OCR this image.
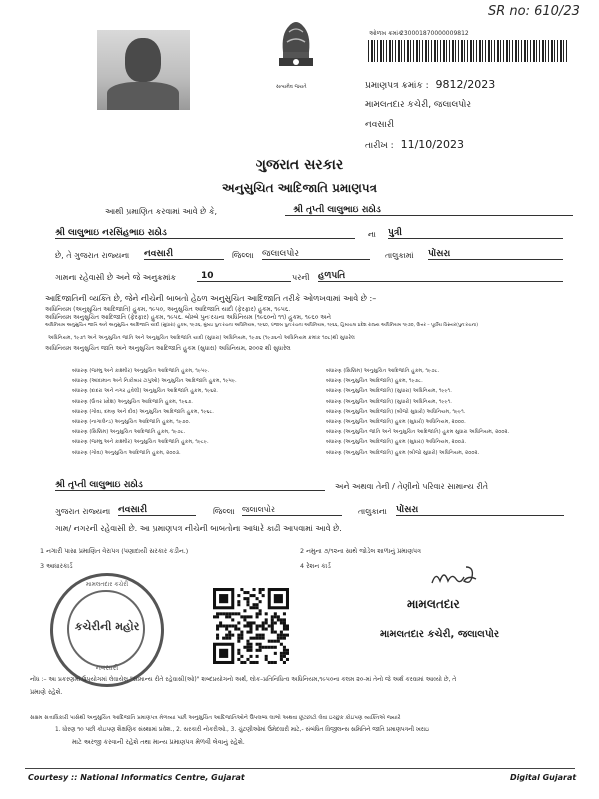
SR no: 610/23
સત્યમેવ જયતે
ઓળખ ક્રમાંક :
230001870000009812
પ્રમાણપત્ર ક્રમાંક : 9812/2023
મામલતદાર કચેરી, જલાલપોર
નવસારી
તારીખ : 11/10/2023
ગુજરાત સરકાર
અનુસુચિત આદિજાતિ પ્રમાણપત્ર
આથી પ્રમાણિત કરવામાં આવે છે કે,	શ્રી તૃપ્તી લાલુભાઇ રાઠોડ
શ્રી લાલુભાઇ નરસિંહભાઇ રાઠોડ	ના પુત્રી
છે, તે ગુજરાત રાજ્યના નવસારી	જિલ્લા જલાલપોર	તાલુકામાં પોંસરા
ગામના રહેવાસી છે અને જે અનુક્રમાંક	10	પરની હળપતિ
આદિજાતિની વ્યક્તિ છે, જેને નીચેની બાબતો હેઠળ અનુસુચિત આદિજાતિ તરીકે ઓળખવામાં આવે છે :–
અધિનિયમ (અનુસુચિત આદિજાતિ) હુકમ, ૧૯૫૦, અનુસુચિત આદિજાતિ યાદી (ફેરફાર) હુકમ, ૧૯૫૬.
અધિનિયમ અનુસુચિત આદિજાતિ (ફેરફાર) હુકમ, ૧૯૫૬. બોમ્બે પુનઃરચના અધિનિયમ (૧૯૬૦નો ૧૧) હુકમ, ૧૯૬૦ અને
અધિનિયમ અનુસુચિત જાતિ અને અનુસુચિત આદિજાતિ યાદી (સુધારા) હુકમ, ૧૯૭૬, મુંબઇ પુનઃરચના અધિનિયમ, ૧૯૬૦, પંજાબ પુનઃરચના અધિનિયમ, ૧૯૬૬, હિમાચલ પ્રદેશ રાજ્ય અધિનિયમ ૧૯૭૦, ઉત્તર – પૂર્વીય વિસ્તાર(પુનઃરચના)
અધિનિયમ, ૧૯૭૧ અને અનુસુચિત જાતિ અને અનુસુચિત આદિજાતિ યાદી (સુધારા) અધિનિયમ, ૧૯૭૬ (૧૯૭૬નો અધિનિયમ ક્રમાંક ૧૦૮)થી સુધારેલ
અધિનિયમ અનુસુચિત જાતિ અને અનુસુચિત આદિજાતિ હુકમ (સુધારા) અધિનિયમ, ૨૦૦૨ થી સુધારેલ
બંધારણ (જમ્મુ અને કાશ્મીર) અનુસુચિત આદિજાતિ હુકમ, ૧૯૫૯.
બંધારણ (આંદામાન અને નિકોબાર ટાપુઓ) અનુસુચિત આદિજાતિ હુકમ, ૧૯૫૯.
બંધારણ (દાદરા અને નગર હવેલી) અનુસુચિત આદિજાતિ હુકમ, ૧૯૬૨.
બંધારણ (ઉત્તર પ્રદેશ) અનુસુચિત આદિજાતિ હુકમ, ૧૯૬૭.
બંધારણ (ગોવા, દમણ અને દીવ) અનુસુચિત આદિજાતિ હુકમ, ૧૯૬૮.
બંધારણ (નાગાલેન્ડ) અનુસુચિત આદિજાતિ હુકમ, ૧૯૭૦.
બંધારણ (સિક્કિમ) અનુસુચિત આદિજાતિ હુકમ, ૧૯૭૮.
બંધારણ (જમ્મુ અને કાશ્મીર) અનુસુચિત આદિજાતિ હુકમ, ૧૯૮૯.
બંધારણ (ગોવા) અનુસુચિત આદિજાતિ હુકમ, ૨૦૦૩.
બંધારણ (સિક્કિમ) અનુસુચિત આદિજાતિ હુકમ, ૧૯૭૮.
બંધારણ (અનુસુચિત આદિજાતિ) હુકમ, ૧૯૭૮.
બંધારણ (અનુસુચિત આદિજાતિ) (સુધારા) અધિનિયમ, ૧૯૯૧.
બંધારણ (અનુસુચિત આદિજાતિ) (સુધારો) અધિનિયમ, ૧૯૯૧.
બંધારણ (અનુસુચિત આદિજાતિ) (બીજો સુધારો) અધિનિયમ, ૧૯૯૧.
બંધારણ (અનુસુચિત આદિજાતિ) હુકમ (સુધારો) અધિનિયમ, ૨૦૦૦.
બંધારણ (અનુસુચિત જાતિ અને અનુસુચિત આદિજાતિ) હુકમ સુધારા અધિનિયમ, ૨૦૦૨.
બંધારણ (અનુસુચિત આદિજાતિ) હુકમ (સુધારા) અધિનિયમ, ૨૦૦૩.
બંધારણ (અનુસુચિત આદિજાતિ) હુકમ (બીજો સુધારો) અધિનિયમ, ૨૦૦૨.
શ્રી તૃપ્તી લાલુભાઇ રાઠોડ	અને અથવા તેની / તેણીનો પરિવાર સામાન્ય રીતે
ગુજરાત રાજ્યના નવસારી	જિલ્લા જલાલપોર	તાલુકાના પોંસરા
ગામ/ નગરની રહેવાસી છે. આ પ્રમાણપત્ર નીચેની બાબતોના આધારે કાઢી આપવામાં આવે છે.
1 નગારી પાસા પ્રમાણિત વેરાપત્ર (પણાદાયી સરકાર કડીન.)	2 નમુના ૭/૧૨ના સાથે જોડેલ શાળાનું પ્રમાણપત્ર
3 આધારકાર્ડ	4 રેશન કાર્ડ
મામલતદાર કચેરી
કચેરીની મહોર
નવસારી
મામલતદાર
મામલતદાર કચેરી, જલાલપોર
નોંધ :– આ પ્રકરણમાં ઉપયોગમાં લેવાયેલ "સામાન્ય રીતે રહેવાસી(ઓ)" શબ્દપ્રયોગનો અર્થ, લોક–પ્રતિનિધિત્વ અધિનિયમ,૧૯૫૦ના કલમ ૨૦-માં તેનો જે અર્થ કરવામાં આવ્યો છે, તે
પ્રમાણે રહેશે.
સક્ષમ સત્તાધિકારી પાસેથી અનુસુચિત આદિજાતિ પ્રમાણપત્ર મેળવ્યા પછી અનુસુચિત આદિજાતિઓને ઉપલબ્ધ લાભો અથવા છૂટછાટો લેવા ઇચ્છુક કોઇપણ વ્યક્તિએ જ્યારે
1. ધોરણ ૧૦ પછી કોઇપણ શૈક્ષણિક સંસ્થામાં પ્રવેશ., 2. સરકારી નોકરીઓ., 3. ચુંટણીઓમાં ઉમેદવારી માટે,- સંબંધિત વિજીલન્સ સમિતિને જાતિ પ્રમાણપત્રની ખરાઇ
માટે અરજી કરવાની રહેશે તથા માન્ય પ્રમાણપત્ર મેળવી લેવાનું રહેશે.
Courtesy :: National Informatics Centre, Gujarat	Digital Gujarat
